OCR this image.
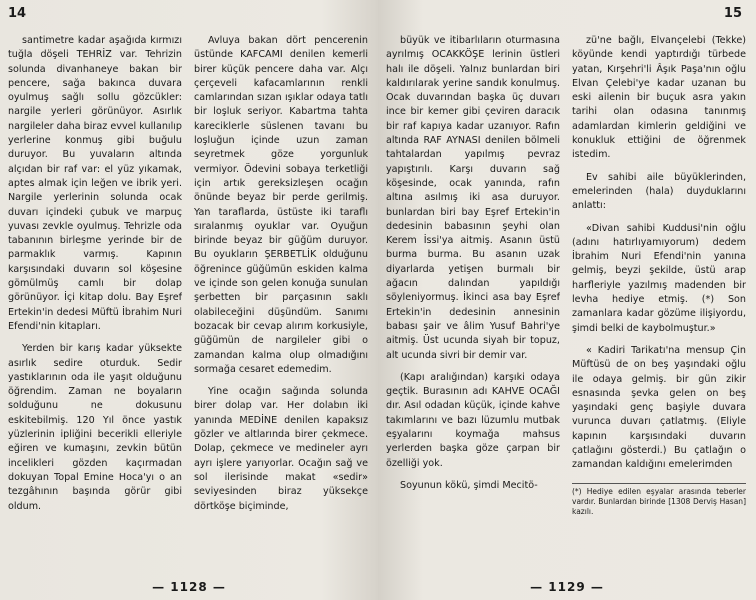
14

santimetre kadar aşağıda kırmızı tuğla döşeli TEHRİZ var. Tehrizin solunda divanhaneye bakan bir pencere, sağa bakınca duvara oyulmuş sağlı sollu gözcükler: nargile yerleri görünüyor. Asırlık nargileler daha biraz evvel kullanılıp yerlerine konmuş gibi buğulu duruyor. Bu yuvaların altında alçıdan bir raf var: el yüz yıkamak, aptes almak için leğen ve ibrik yeri. Nargile yerlerinin solunda ocak duvarı içindeki çubuk ve marpuç yuvası zevkle oyulmuş. Tehrizle oda tabanının birleşme yerinde bir de parmaklık varmış. Kapının karşısındaki duvarın sol köşesine gömülmüş camlı bir dolap görünüyor. İçi kitap dolu. Bay Eşref Ertekin'in dedesi Müftü İbrahim Nuri Efendi'nin kitapları.

Yerden bir karış kadar yüksekte asırlık sedire oturduk. Sedir yastıklarının oda ile yaşıt olduğunu öğrendim. Zaman ne boyaların solduğunu ne dokusunu eskitebilmiş. 120 Yıl önce yastık yüzlerinin ipliğini becerikli elleriyle eğiren ve kumaşını, zevkin bütün incelikleri gözden kaçırmadan dokuyan Topal Emine Hoca'yı o an tezgâhının başında görür gibi oldum.

Avluya bakan dört pencerenin üstünde KAFCAMI denilen kemerli birer küçük pencere daha var. Alçı çerçeveli kafacamlarının renkli camlarından sızan ışıklar odaya tatlı bir loşluk seriyor. Kabartma tahta kareciklerle süslenen tavanı bu loşluğun içinde uzun zaman seyretmek göze yorgunluk vermiyor. Ödevini sobaya terketliği için artık gereksizleşen ocağın önünde beyaz bir perde gerilmiş. Yan taraflarda, üstüste iki taraflı sıralanmış oyuklar var. Oyuğun birinde beyaz bir güğüm duruyor. Bu oyukların ŞERBETLİK olduğunu öğrenince güğümün eskiden kalma ve içinde son gelen konuğa sunulan şerbetten bir parçasının saklı olabileceğini düşündüm. Sanımı bozacak bir cevap alırım korkusiyle, güğümün de nargileler gibi o zamandan kalma olup olmadığını sormağa cesaret edemedim.

Yine ocağın sağında solunda birer dolap var. Her dolabın iki yanında MEDİNE denilen kapaksız gözler ve altlarında birer çekmece. Dolap, çekmece ve medineler ayrı ayrı işlere yarıyorlar. Ocağın sağ ve sol ilerisinde makat «sedir» seviyesinden biraz yüksekçe dörtköşe biçiminde,

— 1128 —
15

büyük ve itibarlıların oturmasına ayrılmış OCAKKÖŞE lerinin üstleri halı ile döşeli. Yalnız bunlardan biri kaldırılarak yerine sandık konulmuş. Ocak duvarından başka üç duvarı ince bir kemer gibi çeviren daracık bir raf kapıya kadar uzanıyor. Rafın altında RAF AYNASI denilen bölmeli tahtalardan yapılmış pevraz yapıştırılı. Karşı duvarın sağ köşesinde, ocak yanında, rafın altına asılmış iki asa duruyor. bunlardan biri bay Eşref Ertekin'in dedesinin babasının şeyhi olan Kerem İssi'ya aitmiş. Asanın üstü burma burma. Bu asanın uzak diyarlarda yetişen burmalı bir ağacın dalından yapıldığı söyleniyormuş. İkinci asa bay Eşref Ertekin'in dedesinin annesinin babası şair ve âlim Yusuf Bahri'ye aitmiş. Üst ucunda siyah bir topuz, alt ucunda sivri bir demir var.

(Kapı aralığından) karşıki odaya geçtik. Burasının adı KAHVE OCAĞI dır. Asıl odadan küçük, içinde kahve takımlarını ve bazı lüzumlu mutbak eşyalarını koymağa mahsus yerlerden başka göze çarpan bir özelliği yok.

Soyunun kökü, şimdi Mecitö-

zü'ne bağlı, Elvançelebi (Tekke) köyünde kendi yaptırdığı türbede yatan, Kırşehri'li Âşık Paşa'nın oğlu Elvan Çelebi'ye kadar uzanan bu eski ailenin bir buçuk asra yakın tarihi olan odasına tanınmış adamlardan kimlerin geldiğini ve konukluk ettiğini de öğrenmek istedim.

Ev sahibi aile büyüklerinden, emelerinden (hala) duyduklarını anlattı:

«Divan sahibi Kuddusi'nin oğlu (adını hatırlıyamıyorum) dedem İbrahim Nuri Efendi'nin yanına gelmiş, beyzi şekilde, üstü arap harfleriyle yazılmış madenden bir levha hediye etmiş. (*) Son zamanlara kadar gözüme ilişiyordu, şimdi belki de kaybolmuştur.»

« Kadiri Tarikatı'na mensup Çin Müftüsü de on beş yaşındaki oğlu ile odaya gelmiş. bir gün zikir esnasında şevka gelen on beş yaşındaki genç başiyle duvara vurunca duvarı çatlatmış. (Eliyle kapının karşısındaki duvarın çatlağını gösterdi.) Bu çatlağın o zamandan kaldığını emelerimden

(*) Hediye edilen eşyalar arasında teberler vardır. Bunlardan birinde [1308 Derviş Hasan] kazılı.
— 1129 —
